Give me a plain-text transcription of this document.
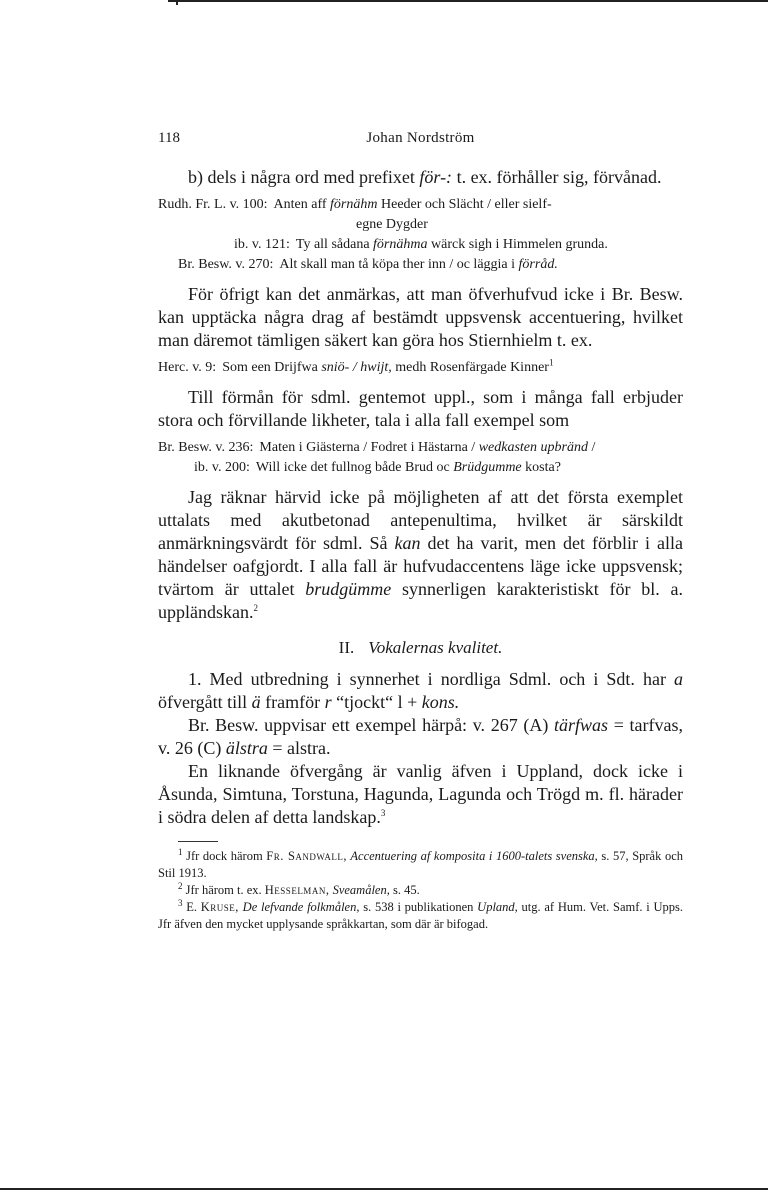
118	Johan Nordström

b) dels i några ord med prefixet för-: t. ex. förhåller sig, förvånad.

Rudh. Fr. L. v. 100: Anten aff förnähm Heeder och Slächt / eller sielf-
egne Dygder
ib. v. 121: Ty all sådana förnähma wärck sigh i Himmelen grunda.
Br. Besw. v. 270: Alt skall man tå köpa ther inn / oc läggia i förråd.

För öfrigt kan det anmärkas, att man öfverhufvud icke i Br. Besw. kan upptäcka några drag af bestämdt uppsvensk accentuering, hvilket man däremot tämligen säkert kan göra hos Stiernhielm t. ex.

Herc. v. 9: Som een Drijfwa sniö- / hwijt, medh Rosenfärgade Kinner$^1$

Till förmån för sdml. gentemot uppl., som i många fall erbjuder stora och förvillande likheter, tala i alla fall exempel som

Br. Besw. v. 236: Maten i Giästerna / Fodret i Hästarna / wedkasten upbränd /
ib. v. 200: Will icke det fullnog både Brud oc Brüdgumme kosta?

Jag räknar härvid icke på möjligheten af att det första exemplet uttalats med akutbetonad antepenultima, hvilket är särskildt anmärkningsvärdt för sdml. Så kan det ha varit, men det förblir i alla händelser oafgjordt. I alla fall är hufvudaccentens läge icke uppsvensk; tvärtom är uttalet brudgümme synnerligen karakteristiskt för bl. a. uppländskan.$^2$

II. Vokalernas kvalitet.

1. Med utbredning i synnerhet i nordliga Sdml. och i Sdt. har a öfvergått till ä framför r “tjockt“ l + kons.

Br. Besw. uppvisar ett exempel härpå: v. 267 (A) tärfwas = tarfvas, v. 26 (C) älstra = alstra.

En liknande öfvergång är vanlig äfven i Uppland, dock icke i Åsunda, Simtuna, Torstuna, Hagunda, Lagunda och Trögd m. fl. härader i södra delen af detta landskap.$^3$

$^1$ Jfr dock härom Fr. Sandwall, Accentuering af komposita i 1600-talets svenska, s. 57, Språk och Stil 1913.

$^2$ Jfr härom t. ex. Hesselman, Sveamålen, s. 45.

$^3$ E. Kruse, De lefvande folkmålen, s. 538 i publikationen Upland, utg. af Hum. Vet. Samf. i Upps. Jfr äfven den mycket upplysande språkkartan, som där är bifogad.
